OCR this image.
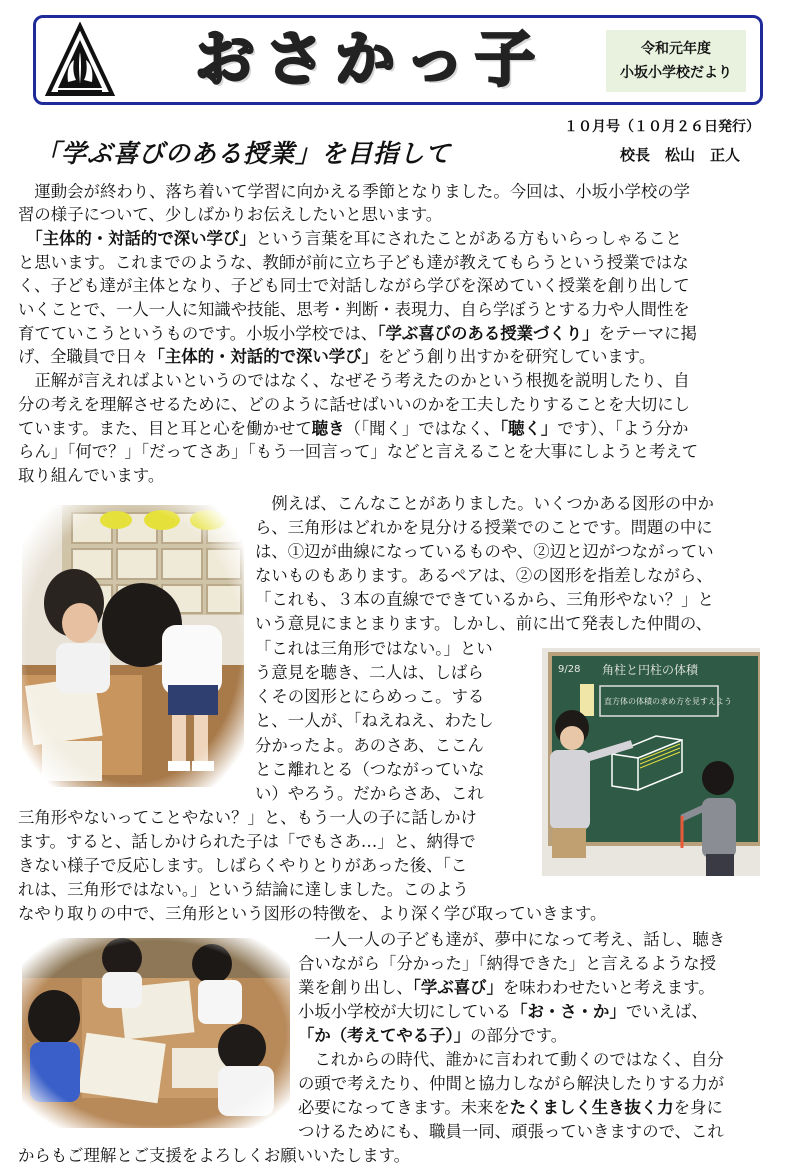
おさかっ子	令和元年度
小坂小学校だより
１０月号（１０月２６日発行）
「学ぶ喜びのある授業」を目指して	校長　松山　正人
　運動会が終わり、落ち着いて学習に向かえる季節となりました。今回は、小坂小学校の学
習の様子について、少しばかりお伝えしたいと思います。
　「主体的・対話的で深い学び」という言葉を耳にされたことがある方もいらっしゃること
と思います。これまでのような、教師が前に立ち子ども達が教えてもらうという授業ではな
く、子ども達が主体となり、子ども同士で対話しながら学びを深めていく授業を創り出して
いくことで、一人一人に知識や技能、思考・判断・表現力、自ら学ぼうとする力や人間性を
育てていこうというものです。小坂小学校では、「学ぶ喜びのある授業づくり」をテーマに掲
げ、全職員で日々「主体的・対話的で深い学び」をどう創り出すかを研究しています。
　正解が言えればよいというのではなく、なぜそう考えたのかという根拠を説明したり、自
分の考えを理解させるために、どのように話せばいいのかを工夫したりすることを大切にし
ています。また、目と耳と心を働かせて聴き（「聞く」ではなく、「聴く」です）、「よう分か
らん」「何で？」「だってさあ」「もう一回言って」などと言えることを大事にしようと考えて
取り組んでいます。
　例えば、こんなことがありました。いくつかある図形の中か
ら、三角形はどれかを見分ける授業でのことです。問題の中に
は、①辺が曲線になっているものや、②辺と辺がつながってい
ないものもあります。あるペアは、②の図形を指差しながら、
「これも、３本の直線でできているから、三角形やない？」と
いう意見にまとまります。しかし、前に出て発表した仲間の、
「これは三角形ではない。」とい
う意見を聴き、二人は、しばら
くその図形とにらめっこ。する
と、一人が、「ねえねえ、わたし
分かったよ。あのさあ、ここん
とこ離れとる（つながっていな
い）やろう。だからさあ、これ
三角形やないってことやない？」と、もう一人の子に話しかけ
ます。すると、話しかけられた子は「でもさあ…」と、納得で
きない様子で反応します。しばらくやりとりがあった後、「こ
れは、三角形ではない。」という結論に達しました。このよう
なやり取りの中で、三角形という図形の特徴を、より深く学び取っていきます。
　一人一人の子ども達が、夢中になって考え、話し、聴き
合いながら「分かった」「納得できた」と言えるような授
業を創り出し、「学ぶ喜び」を味わわせたいと考えます。
小坂小学校が大切にしている「お・さ・か」でいえば、
「か（考えてやる子）」の部分です。
　これからの時代、誰かに言われて動くのではなく、自分
の頭で考えたり、仲間と協力しながら解決したりする力が
必要になってきます。未来をたくましく生き抜く力を身に
つけるためにも、職員一同、頑張っていきますので、これ
からもご理解とご支援をよろしくお願いいたします。
9/28 角柱と円柱の体積
直方体の体積の求め方を見すえよう
